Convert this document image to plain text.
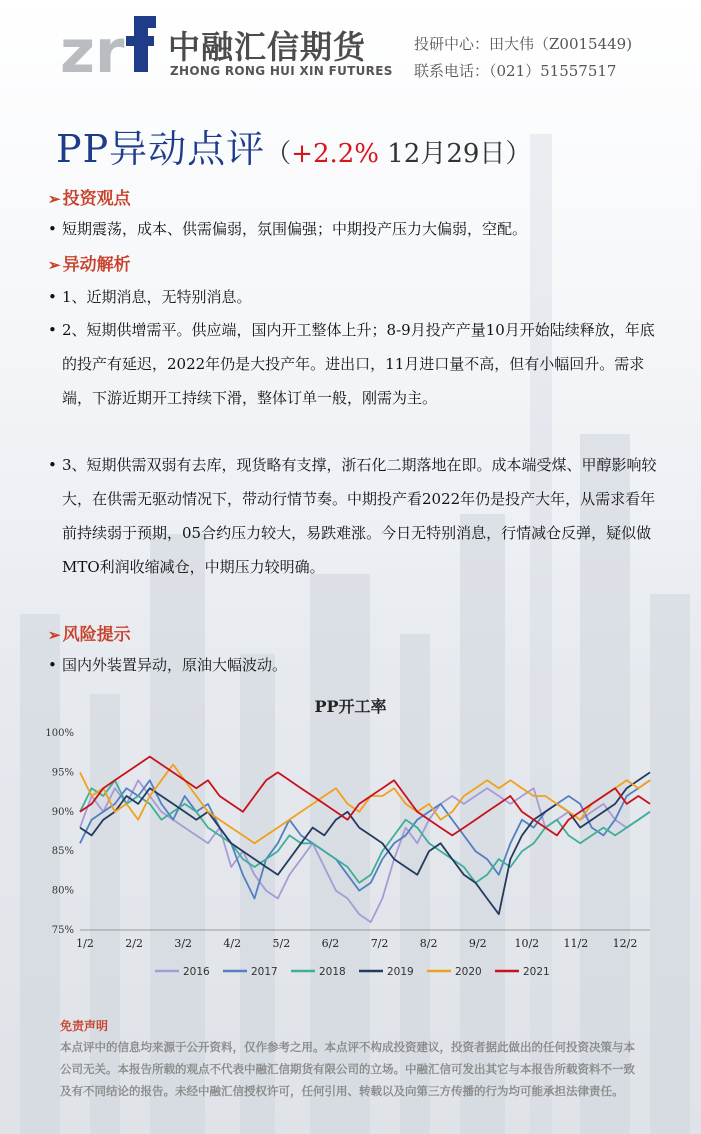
zr 中融汇信期货
ZHONG RONG HUI XIN FUTURES
投研中心：田大伟（Z0015449)
联系电话：（021）51557517
PP异动点评（+2.2% 12月29日）
➢ 投资观点
• 短期震荡，成本、供需偏弱，氛围偏强；中期投产压力大偏弱，空配。
➢ 异动解析
• 1、近期消息，无特别消息。
• 2、短期供增需平。供应端，国内开工整体上升；8-9月投产产量10月开始陆续释放，年底的投产有延迟，2022年仍是大投产年。进出口，11月进口量不高，但有小幅回升。需求端，下游近期开工持续下滑，整体订单一般，刚需为主。
• 3、短期供需双弱有去库，现货略有支撑，浙石化二期落地在即。成本端受煤、甲醇影响较大，在供需无驱动情况下，带动行情节奏。中期投产看2022年仍是投产大年，从需求看年前持续弱于预期，05合约压力较大，易跌难涨。今日无特别消息，行情减仓反弹，疑似做MTO利润收缩减仓，中期压力较明确。
➢ 风险提示
• 国内外装置异动，原油大幅波动。
PP开工率
100%
95%
90%
85%
80%
75%
1/2	2/2	3/2	4/2	5/2	6/2	7/2	8/2	9/2	10/2 11/2 12/2
2016	2017	2018	2019	2020	2021
免责声明
本点评中的信息均来源于公开资料，仅作参考之用。本点评不构成投资建议，投资者据此做出的任何投资决策与本公司无关。本报告所载的观点不代表中融汇信期货有限公司的立场。中融汇信可发出其它与本报告所载资料不一致及有不同结论的报告。未经中融汇信授权许可，任何引用、转载以及向第三方传播的行为均可能承担法律责任。
